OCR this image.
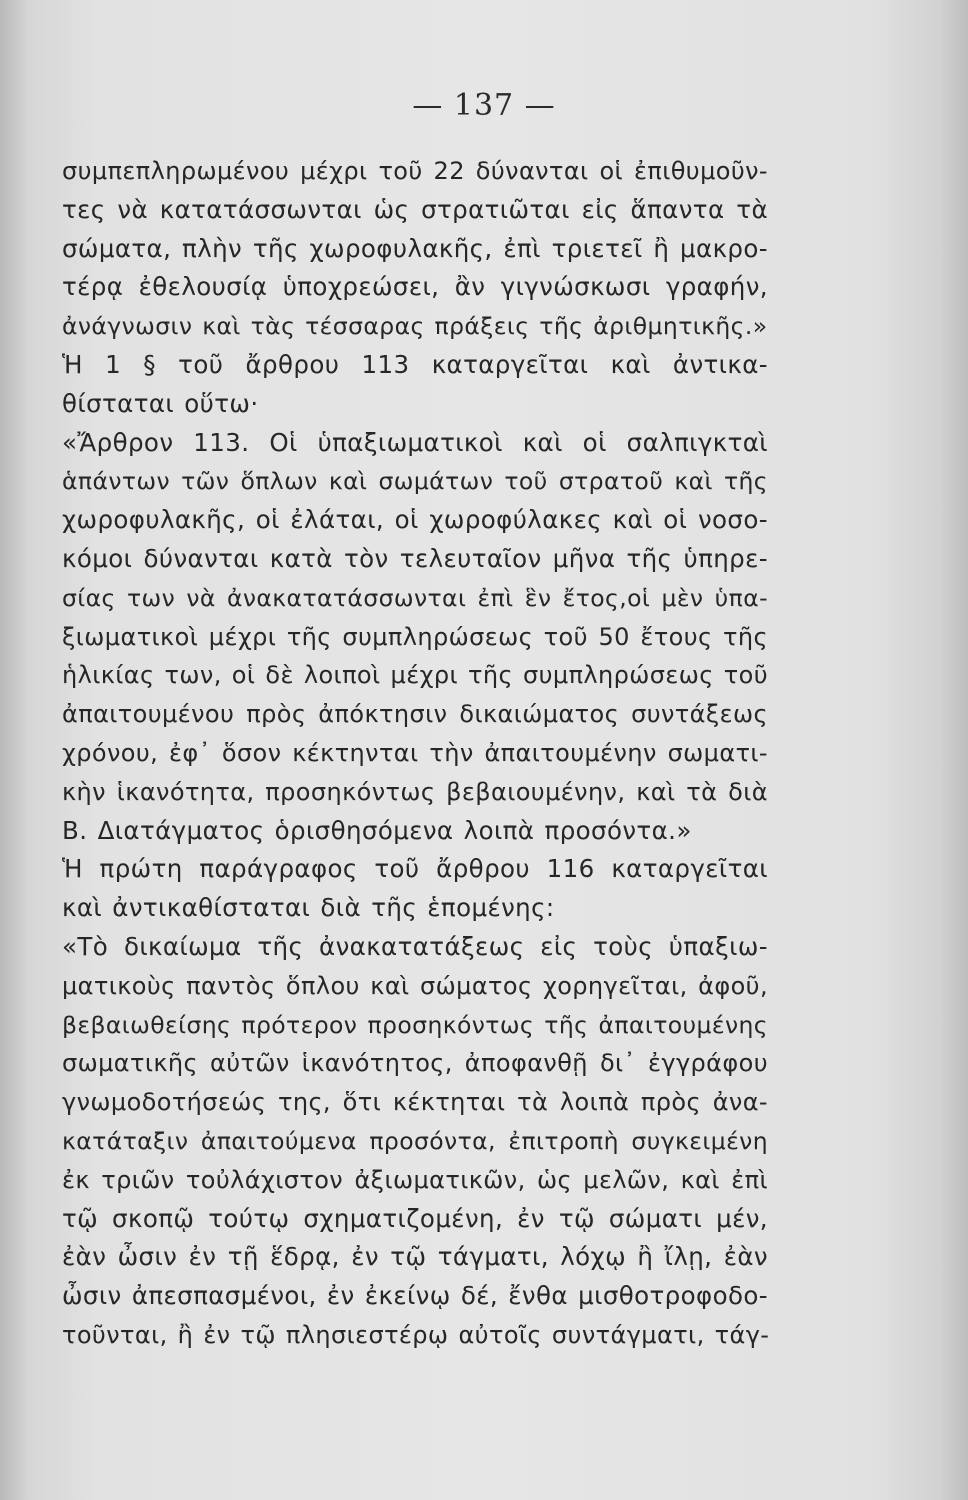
— 137 —
συμπεπληρωμένου μέχρι τοῦ 22 δύνανται οἱ ἐπιθυμοῦν-
τες νὰ κατατάσσωνται ὡς στρατιῶται εἰς ἅπαντα τὰ
σώματα, πλὴν τῆς χωροφυλακῆς, ἐπὶ τριετεῖ ἢ μακρο-
τέρᾳ ἐθελουσίᾳ ὑποχρεώσει, ἂν γιγνώσκωσι γραφήν,
ἀνάγνωσιν καὶ τὰς τέσσαρας πράξεις τῆς ἀριθμητικῆς.»
Ἡ 1 § τοῦ ἄρθρου 113 καταργεῖται καὶ ἀντικα-
θίσταται οὕτω·
«Ἄρθρον 113. Οἱ ὑπαξιωματικοὶ καὶ οἱ σαλπιγκταὶ
ἁπάντων τῶν ὅπλων καὶ σωμάτων τοῦ στρατοῦ καὶ τῆς
χωροφυλακῆς, οἱ ἐλάται, οἱ χωροφύλακες καὶ οἱ νοσο-
κόμοι δύνανται κατὰ τὸν τελευταῖον μῆνα τῆς ὑπηρε-
σίας των νὰ ἀνακατατάσσωνται ἐπὶ ἓν ἔτος,οἱ μὲν ὑπα-
ξιωματικοὶ μέχρι τῆς συμπληρώσεως τοῦ 50 ἔτους τῆς
ἡλικίας των, οἱ δὲ λοιποὶ μέχρι τῆς συμπληρώσεως τοῦ
ἀπαιτουμένου πρὸς ἀπόκτησιν δικαιώματος συντάξεως
χρόνου, ἐφ᾽ ὅσον κέκτηνται τὴν ἀπαιτουμένην σωματι-
κὴν ἱκανότητα, προσηκόντως βεβαιουμένην, καὶ τὰ διὰ
Β. Διατάγματος ὁρισθησόμενα λοιπὰ προσόντα.»
Ἡ πρώτη παράγραφος τοῦ ἄρθρου 116 καταργεῖται
καὶ ἀντικαθίσταται διὰ τῆς ἑπομένης:
«Τὸ δικαίωμα τῆς ἀνακατατάξεως εἰς τοὺς ὑπαξιω-
ματικοὺς παντὸς ὅπλου καὶ σώματος χορηγεῖται, ἀφοῦ,
βεβαιωθείσης πρότερον προσηκόντως τῆς ἀπαιτουμένης
σωματικῆς αὐτῶν ἱκανότητος, ἀποφανθῇ δι᾽ ἐγγράφου
γνωμοδοτήσεώς της, ὅτι κέκτηται τὰ λοιπὰ πρὸς ἀνα-
κατάταξιν ἀπαιτούμενα προσόντα, ἐπιτροπὴ συγκειμένη
ἐκ τριῶν τοὐλάχιστον ἀξιωματικῶν, ὡς μελῶν, καὶ ἐπὶ
τῷ σκοπῷ τούτῳ σχηματιζομένη, ἐν τῷ σώματι μέν,
ἐὰν ὦσιν ἐν τῇ ἕδρᾳ, ἐν τῷ τάγματι, λόχῳ ἢ ἴλῃ, ἐὰν
ὦσιν ἀπεσπασμένοι, ἐν ἐκείνῳ δέ, ἔνθα μισθοτροφοδο-
τοῦνται, ἢ ἐν τῷ πλησιεστέρῳ αὐτοῖς συντάγματι, τάγ-
